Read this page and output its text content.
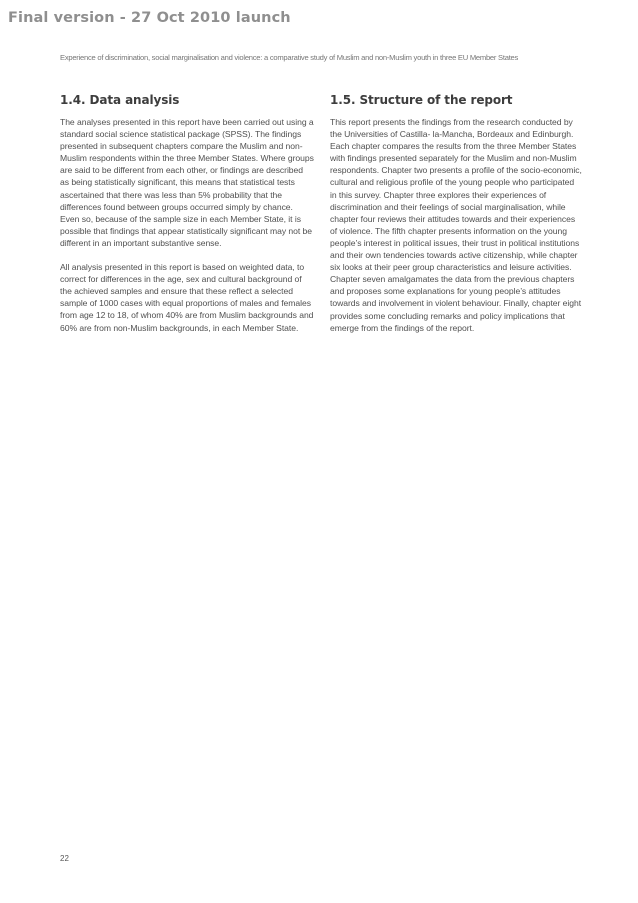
Final version - 27 Oct 2010 launch
Experience of discrimination, social marginalisation and violence: a comparative study of Muslim and non-Muslim youth in three EU Member States
1.4. Data analysis

The analyses presented in this report have been carried out using a standard social science statistical package (SPSS). The findings presented in subsequent chapters compare the Muslim and non-Muslim respondents within the three Member States. Where groups are said to be different from each other, or findings are described as being statistically significant, this means that statistical tests ascertained that there was less than 5% probability that the differences found between groups occurred simply by chance. Even so, because of the sample size in each Member State, it is possible that findings that appear statistically significant may not be different in an important substantive sense.

All analysis presented in this report is based on weighted data, to correct for differences in the age, sex and cultural background of the achieved samples and ensure that these reflect a selected sample of 1000 cases with equal proportions of males and females from age 12 to 18, of whom 40% are from Muslim backgrounds and 60% are from non-Muslim backgrounds, in each Member State.

1.5. Structure of the report

This report presents the findings from the research conducted by the Universities of Castilla- la-Mancha, Bordeaux and Edinburgh. Each chapter compares the results from the three Member States with findings presented separately for the Muslim and non-Muslim respondents. Chapter two presents a profile of the socio-economic, cultural and religious profile of the young people who participated in this survey. Chapter three explores their experiences of discrimination and their feelings of social marginalisation, while chapter four reviews their attitudes towards and their experiences of violence. The fifth chapter presents information on the young people’s interest in political issues, their trust in political institutions and their own tendencies towards active citizenship, while chapter six looks at their peer group characteristics and leisure activities. Chapter seven amalgamates the data from the previous chapters and proposes some explanations for young people’s attitudes towards and involvement in violent behaviour. Finally, chapter eight provides some concluding remarks and policy implications that emerge from the findings of the report.

22
